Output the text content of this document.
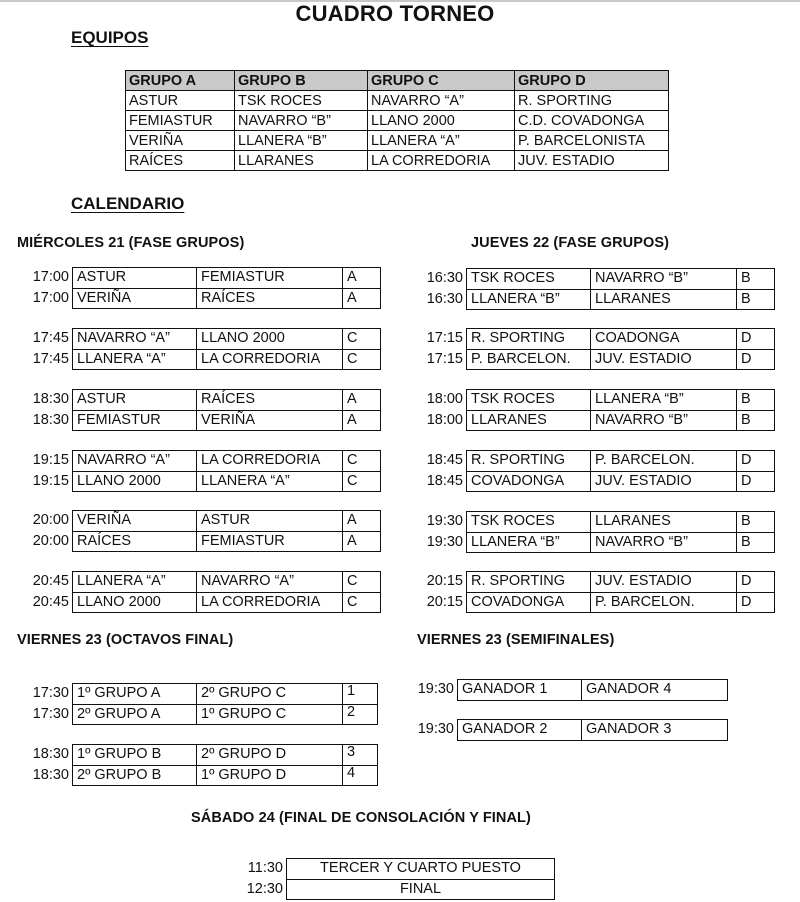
CUADRO TORNEO
EQUIPOS
GRUPO A	GRUPO B	GRUPO C	GRUPO D
ASTUR	TSK ROCES	NAVARRO “A”	R. SPORTING
FEMIASTUR	NAVARRO “B”	LLANO 2000	C.D. COVADONGA
VERIÑA	LLANERA “B”	LLANERA “A”	P. BARCELONISTA
RAÍCES	LLARANES	LA CORREDORIA	JUV. ESTADIO
CALENDARIO
MIÉRCOLES 21 (FASE GRUPOS)	JUEVES 22 (FASE GRUPOS)
VIERNES 23 (OCTAVOS FINAL)	VIERNES 23 (SEMIFINALES)
SÁBADO 24 (FINAL DE CONSOLACIÓN Y FINAL)
17:00 ASTUR	FEMIASTUR	A
17:00 VERIÑA	RAÍCES	A
17:45 NAVARRO “A”	LLANO 2000	C
17:45 LLANERA “A”	LA CORREDORIA	C
18:30 ASTUR	RAÍCES	A
18:30 FEMIASTUR	VERIÑA	A
19:15 NAVARRO “A”	LA CORREDORIA	C
19:15 LLANO 2000	LLANERA “A”	C
20:00 VERIÑA	ASTUR	A
20:00 RAÍCES	FEMIASTUR	A
20:45 LLANERA “A”	NAVARRO “A”	C
20:45 LLANO 2000	LA CORREDORIA	C
16:30 TSK ROCES	NAVARRO “B”	B
16:30 LLANERA “B”	LLARANES	B
17:15 R. SPORTING	COADONGA	D
17:15 P. BARCELON.	JUV. ESTADIO	D
18:00 TSK ROCES	LLANERA “B”	B
18:00 LLARANES	NAVARRO “B”	B
18:45 R. SPORTING	P. BARCELON.	D
18:45 COVADONGA	JUV. ESTADIO	D
19:30 TSK ROCES	LLARANES	B
19:30 LLANERA “B”	NAVARRO “B”	B
20:15 R. SPORTING	JUV. ESTADIO	D
20:15 COVADONGA	P. BARCELON.	D
17:30 1º GRUPO A	2º GRUPO C	1
17:30 2º GRUPO A	1º GRUPO C	2
18:30 1º GRUPO B	2º GRUPO D	3
18:30 2º GRUPO B	1º GRUPO D	4
19:30 GANADOR 1	GANADOR 4
19:30 GANADOR 2	GANADOR 3
11:30	TERCER Y CUARTO PUESTO
12:30	FINAL
